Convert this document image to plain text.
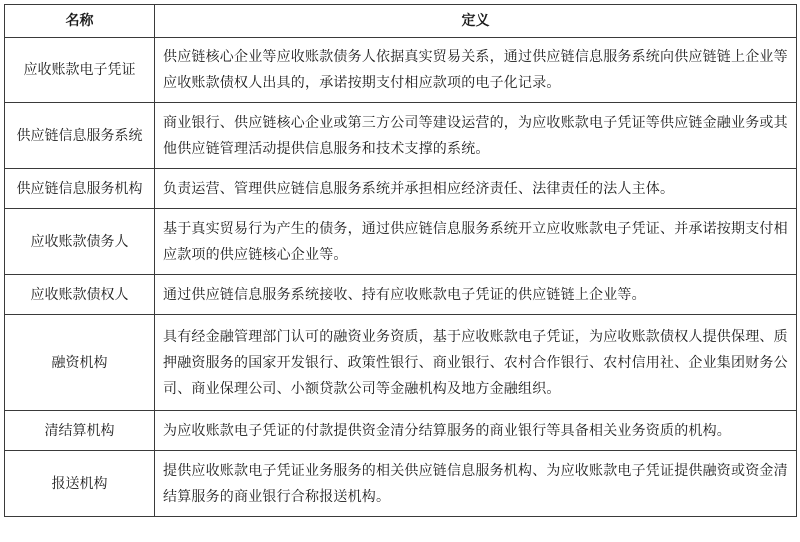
名称	定义
应收账款电子凭证	供应链核心企业等应收账款债务人依据真实贸易关系，通过供应链信息服务系统向供应链链上企业等应收账款债权人出具的，承诺按期支付相应款项的电子化记录。
供应链信息服务系统	商业银行、供应链核心企业或第三方公司等建设运营的，为应收账款电子凭证等供应链金融业务或其他供应链管理活动提供信息服务和技术支撑的系统。
供应链信息服务机构	负责运营、管理供应链信息服务系统并承担相应经济责任、法律责任的法人主体。
应收账款债务人	基于真实贸易行为产生的债务，通过供应链信息服务系统开立应收账款电子凭证、并承诺按期支付相应款项的供应链核心企业等。
应收账款债权人	通过供应链信息服务系统接收、持有应收账款电子凭证的供应链链上企业等。
融资机构	具有经金融管理部门认可的融资业务资质，基于应收账款电子凭证，为应收账款债权人提供保理、质押融资服务的国家开发银行、政策性银行、商业银行、农村合作银行、农村信用社、企业集团财务公司、商业保理公司、小额贷款公司等金融机构及地方金融组织。
清结算机构	为应收账款电子凭证的付款提供资金清分结算服务的商业银行等具备相关业务资质的机构。
报送机构	提供应收账款电子凭证业务服务的相关供应链信息服务机构、为应收账款电子凭证提供融资或资金清结算服务的商业银行合称报送机构。
